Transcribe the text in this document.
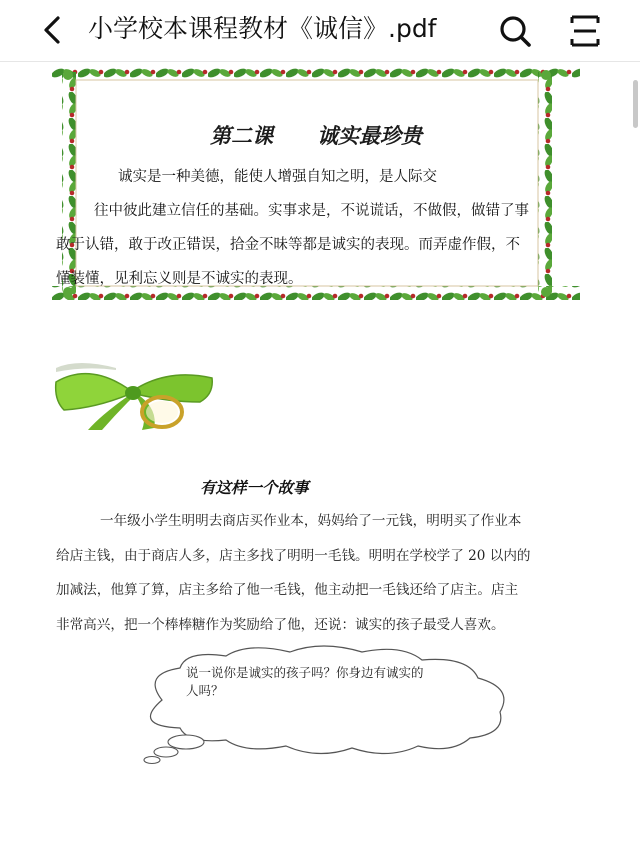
小学校本课程教材《诚信》.pdf
第二课 诚实最珍贵

诚实是一种美德，能使人增强自知之明，是人际交

往中彼此建立信任的基础。实事求是，不说谎话，不做假，做错了事

敢于认错，敢于改正错误，拾金不昧等都是诚实的表现。而弄虚作假，不

懂装懂，见利忘义则是不诚实的表现。

有这样一个故事

一年级小学生明明去商店买作业本，妈妈给了一元钱，明明买了作业本

给店主钱，由于商店人多，店主多找了明明一毛钱。明明在学校学了 20 以内的

加减法，他算了算，店主多给了他一毛钱，他主动把一毛钱还给了店主。店主

非常高兴，把一个棒棒糖作为奖励给了他，还说：诚实的孩子最受人喜欢。

说一说你是诚实的孩子吗？你身边有诚实的
人吗？
